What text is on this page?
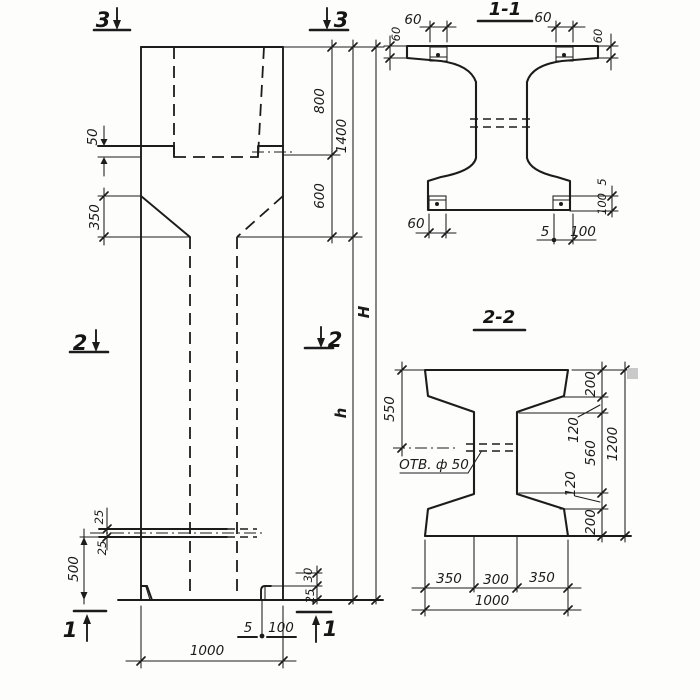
50
350
800
600
1400
h
H
25
25
500	30
25
5 100
1000
3	3
2	2
1	1
1-1
60
60
60
60
60	5 100
5
100
2-2
ОТВ. ф 50
550
200
120
560
120
200
1200
350 300 350
1000
